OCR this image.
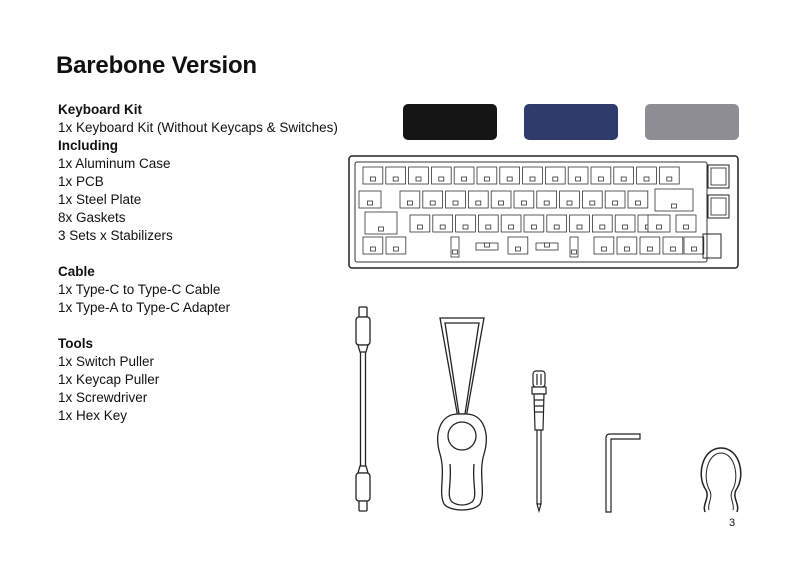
Barebone Version
Keyboard Kit
1x Keyboard Kit (Without Keycaps & Switches)
Including
1x Aluminum Case
1x PCB
1x Steel Plate
8x Gaskets
3 Sets x Stabilizers
Cable
1x Type-C to Type-C Cable
1x Type-A to Type-C Adapter
Tools
1x Switch Puller
1x Keycap Puller
1x Screwdriver
1x Hex Key
3
